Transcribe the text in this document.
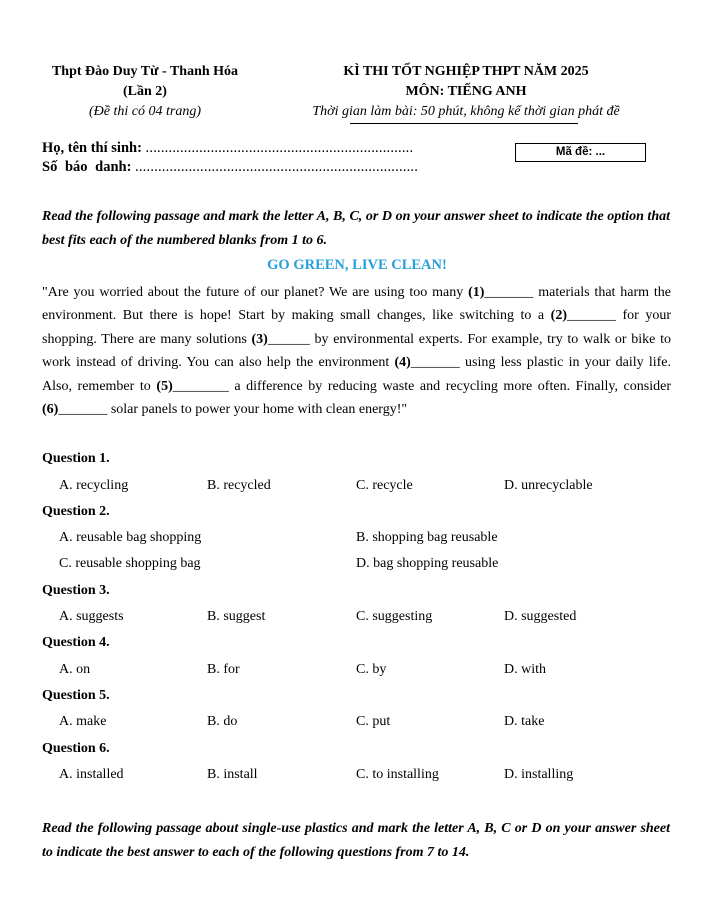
Thpt Đào Duy Từ - Thanh Hóa
(Lần 2)
(Đề thi có 04 trang)
KÌ THI TỐT NGHIỆP THPT NĂM 2025
MÔN: TIẾNG ANH
Thời gian làm bài: 50 phút, không kể thời gian phát đề
Họ, tên thí sinh: ......................................................................
Số báo danh: ..........................................................................
Mã đề: ...
Read the following passage and mark the letter A, B, C, or D on your answer sheet to indicate the option that best fits each of the numbered blanks from 1 to 6.
GO GREEN, LIVE CLEAN!
"Are you worried about the future of our planet? We are using too many (1)_______ materials that harm the environment. But there is hope! Start by making small changes, like switching to a (2)_______ for your shopping. There are many solutions (3)______ by environmental experts. For example, try to walk or bike to work instead of driving. You can also help the environment (4)_______ using less plastic in your daily life. Also, remember to (5)________ a difference by reducing waste and recycling more often. Finally, consider (6)_______ solar panels to power your home with clean energy!"
Question 1.
A. recycling	B. recycled	C. recycle	D. unrecyclable
Question 2.
A. reusable bag shopping	B. shopping bag reusable
C. reusable shopping bag	D. bag shopping reusable
Question 3.
A. suggests	B. suggest	C. suggesting	D. suggested
Question 4.
A. on	B. for	C. by	D. with
Question 5.
A. make	B. do	C. put	D. take
Question 6.
A. installed	B. install	C. to installing	D. installing
Read the following passage about single-use plastics and mark the letter A, B, C or D on your answer sheet to indicate the best answer to each of the following questions from 7 to 14.
